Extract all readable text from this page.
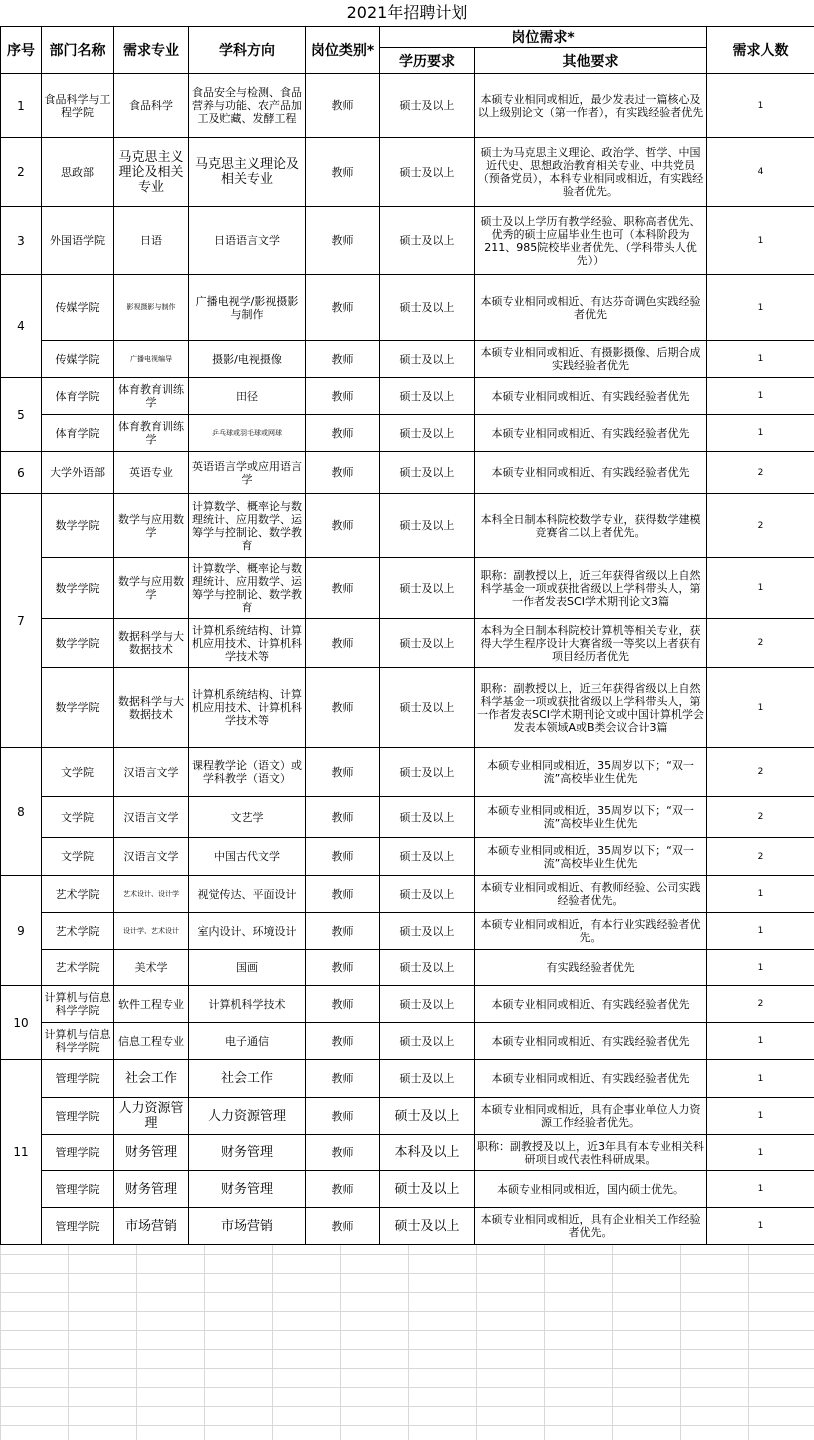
2021年招聘计划
序号	部门名称	需求专业	学科方向	岗位类别*	岗位需求*		需求人数
					学历要求	其他要求	
1	食品科学与工程学院	食品科学	食品安全与检测、食品营养与功能、农产品加工及贮藏、发酵工程	教师	硕士及以上	本硕专业相同或相近，最少发表过一篇核心及以上级别论文（第一作者），有实践经验者优先	1
2	思政部	马克思主义理论及相关专业	马克思主义理论及相关专业	教师	硕士及以上	硕士为马克思主义理论、政治学、哲学、中国近代史、思想政治教育相关专业、中共党员（预备党员），本科专业相同或相近，有实践经验者优先。	4
3	外国语学院	日语	日语语言文学	教师	硕士及以上	硕士及以上学历有教学经验、职称高者优先、优秀的硕士应届毕业生也可（本科阶段为211、985院校毕业者优先、（学科带头人优先））	1
4	传媒学院	影视摄影与制作	广播电视学/影视摄影与制作	教师	硕士及以上	本硕专业相同或相近、有达芬奇调色实践经验者优先	1
	传媒学院	广播电视编导	摄影/电视摄像	教师	硕士及以上	本硕专业相同或相近、有摄影摄像、后期合成实践经验者优先	1
5	体育学院	体育教育训练学	田径	教师	硕士及以上	本硕专业相同或相近、有实践经验者优先	1
	体育学院	体育教育训练学	乒乓球或羽毛球或网球	教师	硕士及以上	本硕专业相同或相近、有实践经验者优先	1
6	大学外语部	英语专业	英语语言学或应用语言学	教师	硕士及以上	本硕专业相同或相近、有实践经验者优先	2
7	数学学院	数学与应用数学	计算数学、概率论与数理统计、应用数学、运筹学与控制论、数学教育	教师	硕士及以上	本科全日制本科院校数学专业，获得数学建模竞赛省二以上者优先。	2
	数学学院	数学与应用数学	计算数学、概率论与数理统计、应用数学、运筹学与控制论、数学教育	教师	硕士及以上	职称：副教授以上，近三年获得省级以上自然科学基金一项或获批省级以上学科带头人，第一作者发表SCI学术期刊论文3篇	1
	数学学院	数据科学与大数据技术	计算机系统结构、计算机应用技术、计算机科学技术等	教师	硕士及以上	本科为全日制本科院校计算机等相关专业，获得大学生程序设计大赛省级一等奖以上者获有项目经历者优先	2
	数学学院	数据科学与大数据技术	计算机系统结构、计算机应用技术、计算机科学技术等	教师	硕士及以上	职称：副教授以上，近三年获得省级以上自然科学基金一项或获批省级以上学科带头人，第一作者发表SCI学术期刊论文或中国计算机学会发表本领域A或B类会议合计3篇	1
8	文学院	汉语言文学	课程教学论（语文）或学科教学（语文）	教师	硕士及以上	本硕专业相同或相近，35周岁以下；“双一流”高校毕业生优先	2
	文学院	汉语言文学	文艺学	教师	硕士及以上	本硕专业相同或相近，35周岁以下；“双一流”高校毕业生优先	2
	文学院	汉语言文学	中国古代文学	教师	硕士及以上	本硕专业相同或相近，35周岁以下；“双一流”高校毕业生优先	2
9	艺术学院	艺术设计、设计学	视觉传达、平面设计	教师	硕士及以上	本硕专业相同或相近、有教师经验、公司实践经验者优先。	1
	艺术学院	设计学、艺术设计	室内设计、环境设计	教师	硕士及以上	本硕专业相同或相近，有本行业实践经验者优先。	1
	艺术学院	美术学	国画	教师	硕士及以上	有实践经验者优先	1
10	计算机与信息科学学院	软件工程专业	计算机科学技术	教师	硕士及以上	本硕专业相同或相近、有实践经验者优先	2
	计算机与信息科学学院	信息工程专业	电子通信	教师	硕士及以上	本硕专业相同或相近、有实践经验者优先	1
11	管理学院	社会工作	社会工作	教师	硕士及以上	本硕专业相同或相近、有实践经验者优先	1
	管理学院	人力资源管理	人力资源管理	教师	硕士及以上	本硕专业相同或相近，具有企事业单位人力资源工作经验者优先。	1
	管理学院	财务管理	财务管理	教师	本科及以上	职称：副教授及以上，近3年具有本专业相关科研项目或代表性科研成果。	1
	管理学院	财务管理	财务管理	教师	硕士及以上	本硕专业相同或相近，国内硕士优先。	1
	管理学院	市场营销	市场营销	教师	硕士及以上	本硕专业相同或相近，具有企业相关工作经验者优先。	1
